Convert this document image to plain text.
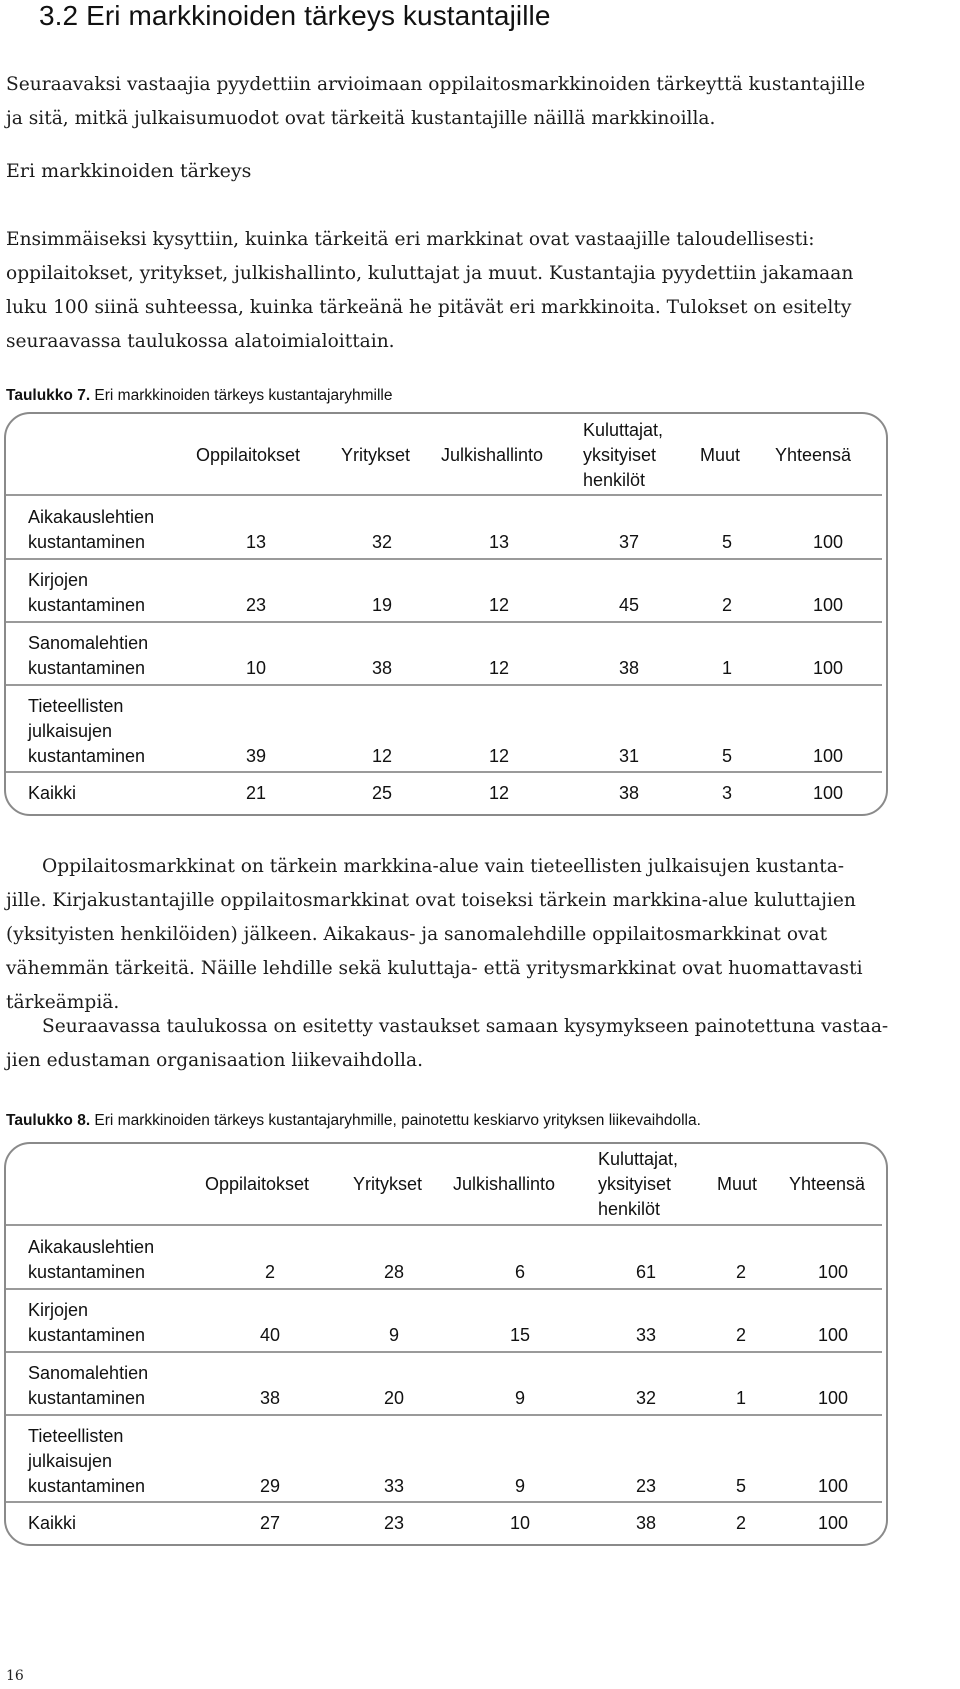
3.2 Eri markkinoiden tärkeys kustantajille
Seuraavaksi vastaajia pyydettiin arvioimaan oppilaitosmarkkinoiden tärkeyttä kustantajille
ja sitä, mitkä julkaisumuodot ovat tärkeitä kustantajille näillä markkinoilla.
Eri markkinoiden tärkeys
Ensimmäiseksi kysyttiin, kuinka tärkeitä eri markkinat ovat vastaajille taloudellisesti:
oppilaitokset, yritykset, julkishallinto, kuluttajat ja muut. Kustantajia pyydettiin jakamaan
luku 100 siinä suhteessa, kuinka tärkeänä he pitävät eri markkinoita. Tulokset on esitelty
seuraavassa taulukossa alatoimialoittain.
Taulukko 7. Eri markkinoiden tärkeys kustantajaryhmille
Oppilaitokset Yritykset Julkishallinto
Kuluttajat,
yksityiset
henkilöt
Muut Yhteensä
Aikakauslehtien
kustantaminen	13	32	13	37	5	100
Kirjojen
kustantaminen	23	19	12	45	2	100
Sanomalehtien
kustantaminen	10	38	12	38	1	100
Tieteellisten
julkaisujen
kustantaminen	39	12	12	31	5	100
Kaikki	21	25	12	38	3	100
Oppilaitosmarkkinat on tärkein markkina-alue vain tieteellisten julkaisujen kustanta-
jille. Kirjakustantajille oppilaitosmarkkinat ovat toiseksi tärkein markkina-alue kuluttajien
(yksityisten henkilöiden) jälkeen. Aikakaus- ja sanomalehdille oppilaitosmarkkinat ovat
vähemmän tärkeitä. Näille lehdille sekä kuluttaja- että yritysmarkkinat ovat huomattavasti
tärkeämpiä.
Seuraavassa taulukossa on esitetty vastaukset samaan kysymykseen painotettuna vastaa-
jien edustaman organisaation liikevaihdolla.
Taulukko 8. Eri markkinoiden tärkeys kustantajaryhmille, painotettu keskiarvo yrityksen liikevaihdolla.
Oppilaitokset Yritykset Julkishallinto
Kuluttajat,
yksityiset
henkilöt
Muut Yhteensä
Aikakauslehtien
kustantaminen	2	28	6	61	2	100
Kirjojen
kustantaminen	40	9	15	33	2	100
Sanomalehtien
kustantaminen	38	20	9	32	1	100
Tieteellisten
julkaisujen
kustantaminen	29	33	9	23	5	100
Kaikki	27	23	10	38	2	100
16
